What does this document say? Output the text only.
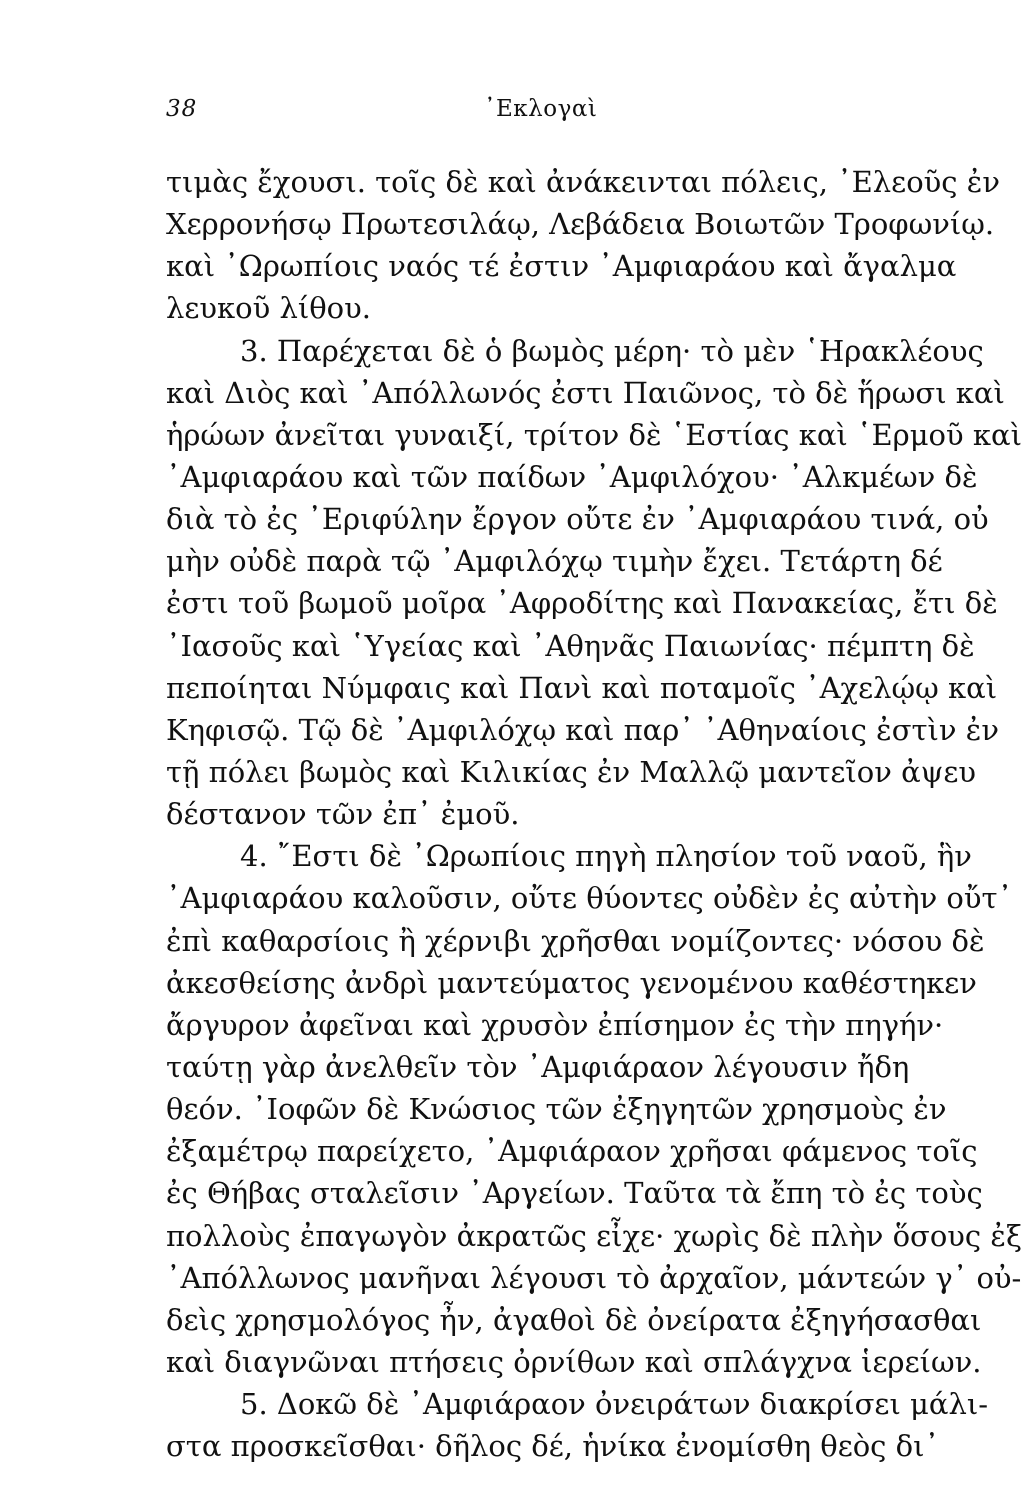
38	᾿Εκλογαὶ
τιμὰς ἔχουσι. τοῖς δὲ καὶ ἀνάκεινται πόλεις, ᾿Ελεοῦς ἐν
Χερρονήσῳ Πρωτεσιλάῳ, Λεβάδεια Βοιωτῶν Τροφωνίῳ.
καὶ ᾿Ωρωπίοις ναός τέ ἐστιν ᾿Αμφιαράου καὶ ἄγαλμα
λευκοῦ λίθου.
3. Παρέχεται δὲ ὁ βωμὸς μέρη· τὸ μὲν ῾Ηρακλέους
καὶ Διὸς καὶ ᾿Απόλλωνός ἐστι Παιῶνος, τὸ δὲ ἥρωσι καὶ
ἡρώων ἀνεῖται γυναιξί, τρίτον δὲ ῾Εστίας καὶ ῾Ερμοῦ καὶ
᾿Αμφιαράου καὶ τῶν παίδων ᾿Αμφιλόχου· ᾿Αλκμέων δὲ
διὰ τὸ ἐς ᾿Εριφύλην ἔργον οὔτε ἐν ᾿Αμφιαράου τινά, οὐ
μὴν οὐδὲ παρὰ τῷ ᾿Αμφιλόχῳ τιμὴν ἔχει. Τετάρτη δέ
ἐστι τοῦ βωμοῦ μοῖρα ᾿Αφροδίτης καὶ Πανακείας, ἔτι δὲ
᾿Ιασοῦς καὶ ῾Υγείας καὶ ᾿Αθηνᾶς Παιωνίας· πέμπτη δὲ
πεποίηται Νύμφαις καὶ Πανὶ καὶ ποταμοῖς ᾿Αχελῴῳ καὶ
Κηφισῷ. Τῷ δὲ ᾿Αμφιλόχῳ καὶ παρ᾿ ᾿Αθηναίοις ἐστὶν ἐν
τῇ πόλει βωμὸς καὶ Κιλικίας ἐν Μαλλῷ μαντεῖον ἀψευ
δέστανον τῶν ἐπ᾿ ἐμοῦ.
4. ῎Εστι δὲ ᾿Ωρωπίοις πηγὴ πλησίον τοῦ ναοῦ, ἣν
᾿Αμφιαράου καλοῦσιν, οὔτε θύοντες οὐδὲν ἐς αὐτὴν οὔτ᾿
ἐπὶ καθαρσίοις ἢ χέρνιβι χρῆσθαι νομίζοντες· νόσου δὲ
ἀκεσθείσης ἀνδρὶ μαντεύματος γενομένου καθέστηκεν
ἄργυρον ἀφεῖναι καὶ χρυσὸν ἐπίσημον ἐς τὴν πηγήν·
ταύτῃ γὰρ ἀνελθεῖν τὸν ᾿Αμφιάραον λέγουσιν ἤδη
θεόν. ᾿Ιοφῶν δὲ Κνώσιος τῶν ἐξηγητῶν χρησμοὺς ἐν
ἐξαμέτρῳ παρείχετο, ᾿Αμφιάραον χρῆσαι φάμενος τοῖς
ἐς Θήβας σταλεῖσιν ᾿Αργείων. Ταῦτα τὰ ἔπη τὸ ἐς τοὺς
πολλοὺς ἐπαγωγὸν ἀκρατῶς εἶχε· χωρὶς δὲ πλὴν ὅσους ἐξ
᾿Απόλλωνος μανῆναι λέγουσι τὸ ἀρχαῖον, μάντεών γ᾿ οὐ-
δεὶς χρησμολόγος ἦν, ἀγαθοὶ δὲ ὀνείρατα ἐξηγήσασθαι
καὶ διαγνῶναι πτήσεις ὀρνίθων καὶ σπλάγχνα ἱερείων.
5. Δοκῶ δὲ ᾿Αμφιάραον ὀνειράτων διακρίσει μάλι-
στα προσκεῖσθαι· δῆλος δέ, ἡνίκα ἐνομίσθη θεὸς δι᾿
